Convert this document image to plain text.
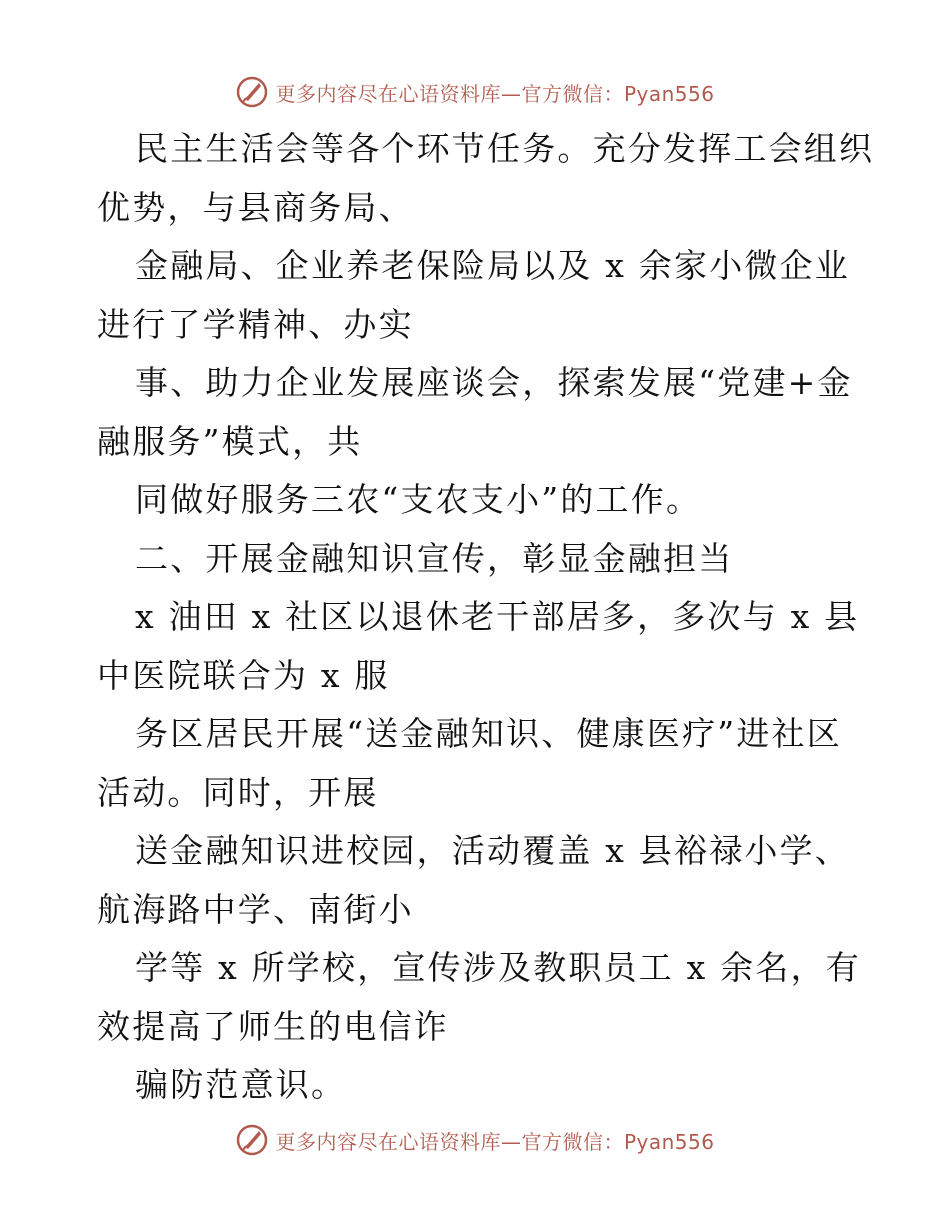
更多内容尽在心语资料库—官方微信：Pyan556
民主生活会等各个环节任务。充分发挥工会组织
优势，与县商务局、
金融局、企业养老保险局以及 x 余家小微企业
进行了学精神、办实
事、助力企业发展座谈会，探索发展“党建+金
融服务”模式，共
同做好服务三农“支农支小”的工作。
二、开展金融知识宣传，彰显金融担当
x 油田 x 社区以退休老干部居多，多次与 x 县
中医院联合为 x 服
务区居民开展“送金融知识、健康医疗”进社区
活动。同时，开展
送金融知识进校园，活动覆盖 x 县裕禄小学、
航海路中学、南街小
学等 x 所学校，宣传涉及教职员工 x 余名，有
效提高了师生的电信诈
骗防范意识。
更多内容尽在心语资料库—官方微信：Pyan556
